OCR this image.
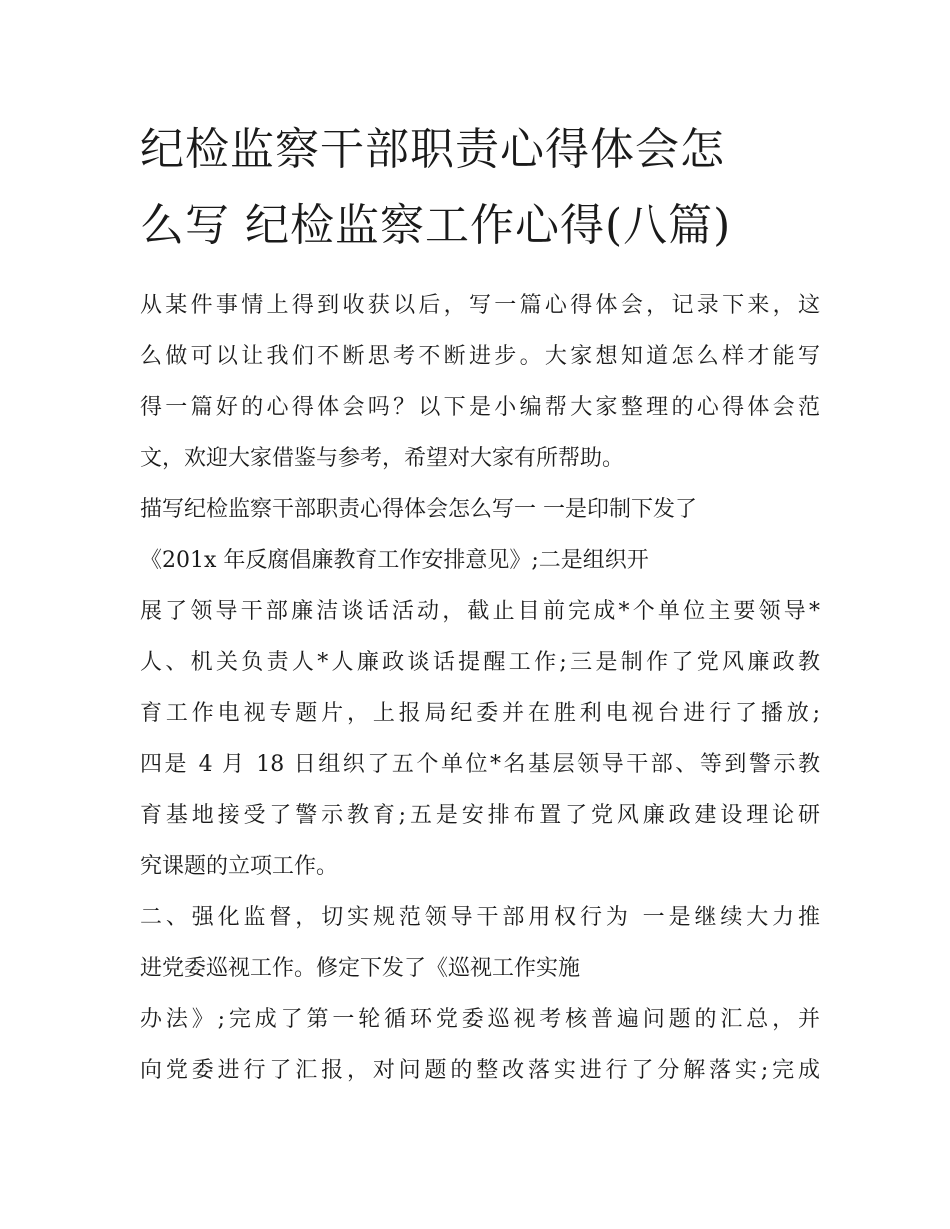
纪检监察干部职责心得体会怎
么写 纪检监察工作心得(八篇)
从某件事情上得到收获以后，写一篇心得体会，记录下来，这
么做可以让我们不断思考不断进步。大家想知道怎么样才能写
得一篇好的心得体会吗？以下是小编帮大家整理的心得体会范
文，欢迎大家借鉴与参考，希望对大家有所帮助。
描写纪检监察干部职责心得体会怎么写一 一是印制下发了
《201x 年反腐倡廉教育工作安排意见》;二是组织开
展了领导干部廉洁谈话活动，截止目前完成*个单位主要领导*
人、机关负责人*人廉政谈话提醒工作;三是制作了党风廉政教
育工作电视专题片，上报局纪委并在胜利电视台进行了播放;
四是 4 月 18 日组织了五个单位*名基层领导干部、等到警示教
育基地接受了警示教育;五是安排布置了党风廉政建设理论研
究课题的立项工作。
二、强化监督，切实规范领导干部用权行为 一是继续大力推
进党委巡视工作。修定下发了《巡视工作实施
办法》;完成了第一轮循环党委巡视考核普遍问题的汇总，并
向党委进行了汇报，对问题的整改落实进行了分解落实;完成
